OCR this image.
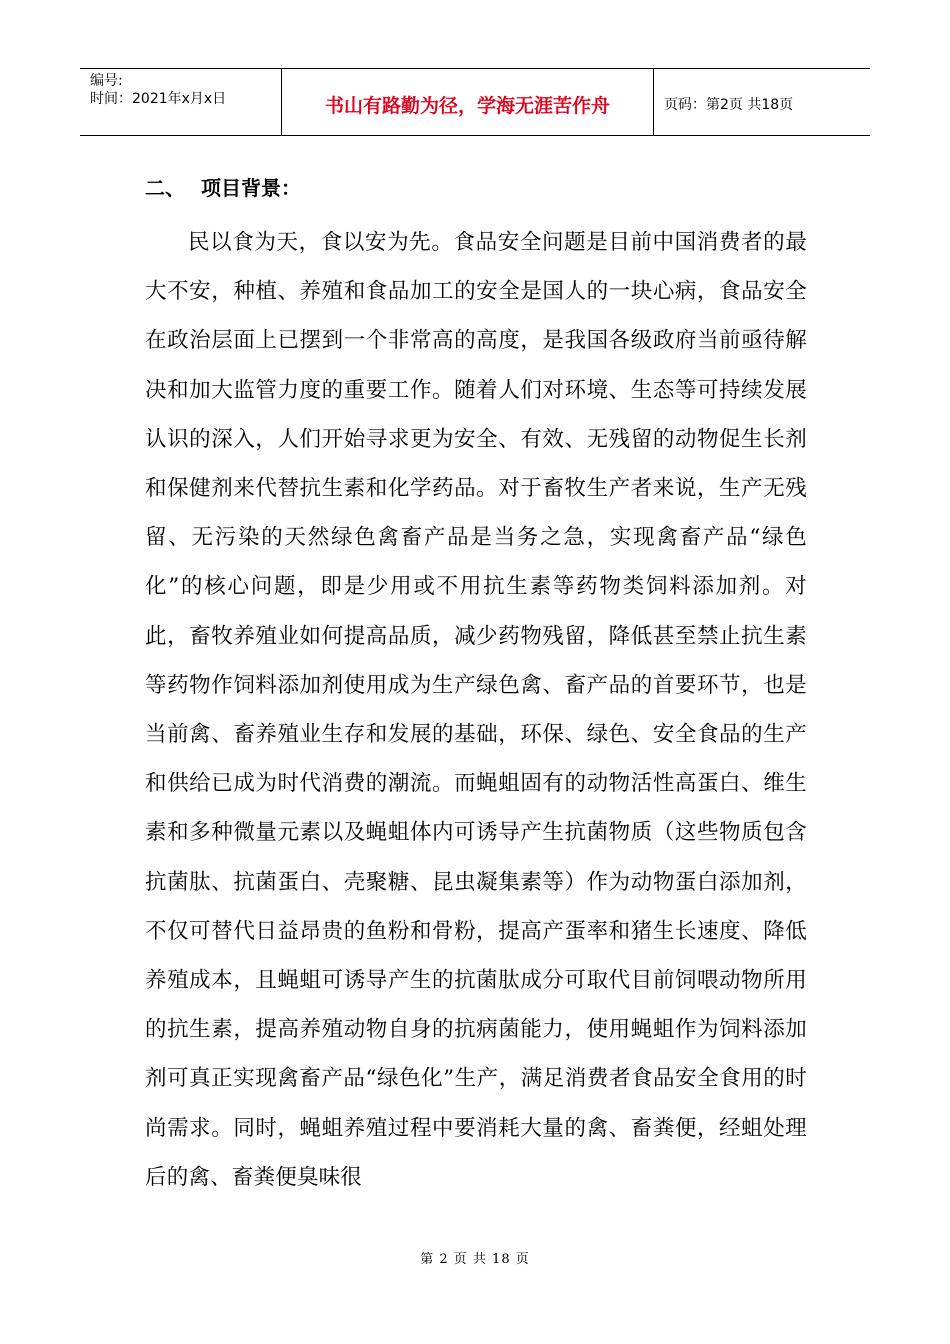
编号:
时间：2021年x月x日	书山有路勤为径，学海无涯苦作舟	页码：第2页 共18页
二、 项目背景：

民以食为天，食以安为先。食品安全问题是目前中国消费者的最大不安，种植、养殖和食品加工的安全是国人的一块心病，食品安全在政治层面上已摆到一个非常高的高度，是我国各级政府当前亟待解决和加大监管力度的重要工作。随着人们对环境、生态等可持续发展认识的深入，人们开始寻求更为安全、有效、无残留的动物促生长剂和保健剂来代替抗生素和化学药品。对于畜牧生产者来说，生产无残留、无污染的天然绿色禽畜产品是当务之急，实现禽畜产品“绿色化”的核心问题，即是少用或不用抗生素等药物类饲料添加剂。对此，畜牧养殖业如何提高品质，减少药物残留，降低甚至禁止抗生素等药物作饲料添加剂使用成为生产绿色禽、畜产品的首要环节，也是当前禽、畜养殖业生存和发展的基础，环保、绿色、安全食品的生产和供给已成为时代消费的潮流。而蝇蛆固有的动物活性高蛋白、维生素和多种微量元素以及蝇蛆体内可诱导产生抗菌物质（这些物质包含抗菌肽、抗菌蛋白、壳聚糖、昆虫凝集素等）作为动物蛋白添加剂，不仅可替代日益昂贵的鱼粉和骨粉，提高产蛋率和猪生长速度、降低养殖成本，且蝇蛆可诱导产生的抗菌肽成分可取代目前饲喂动物所用的抗生素，提高养殖动物自身的抗病菌能力，使用蝇蛆作为饲料添加剂可真正实现禽畜产品“绿色化”生产，满足消费者食品安全食用的时尚需求。同时，蝇蛆养殖过程中要消耗大量的禽、畜粪便，经蛆处理后的禽、畜粪便臭味很

第 2 页 共 18 页
